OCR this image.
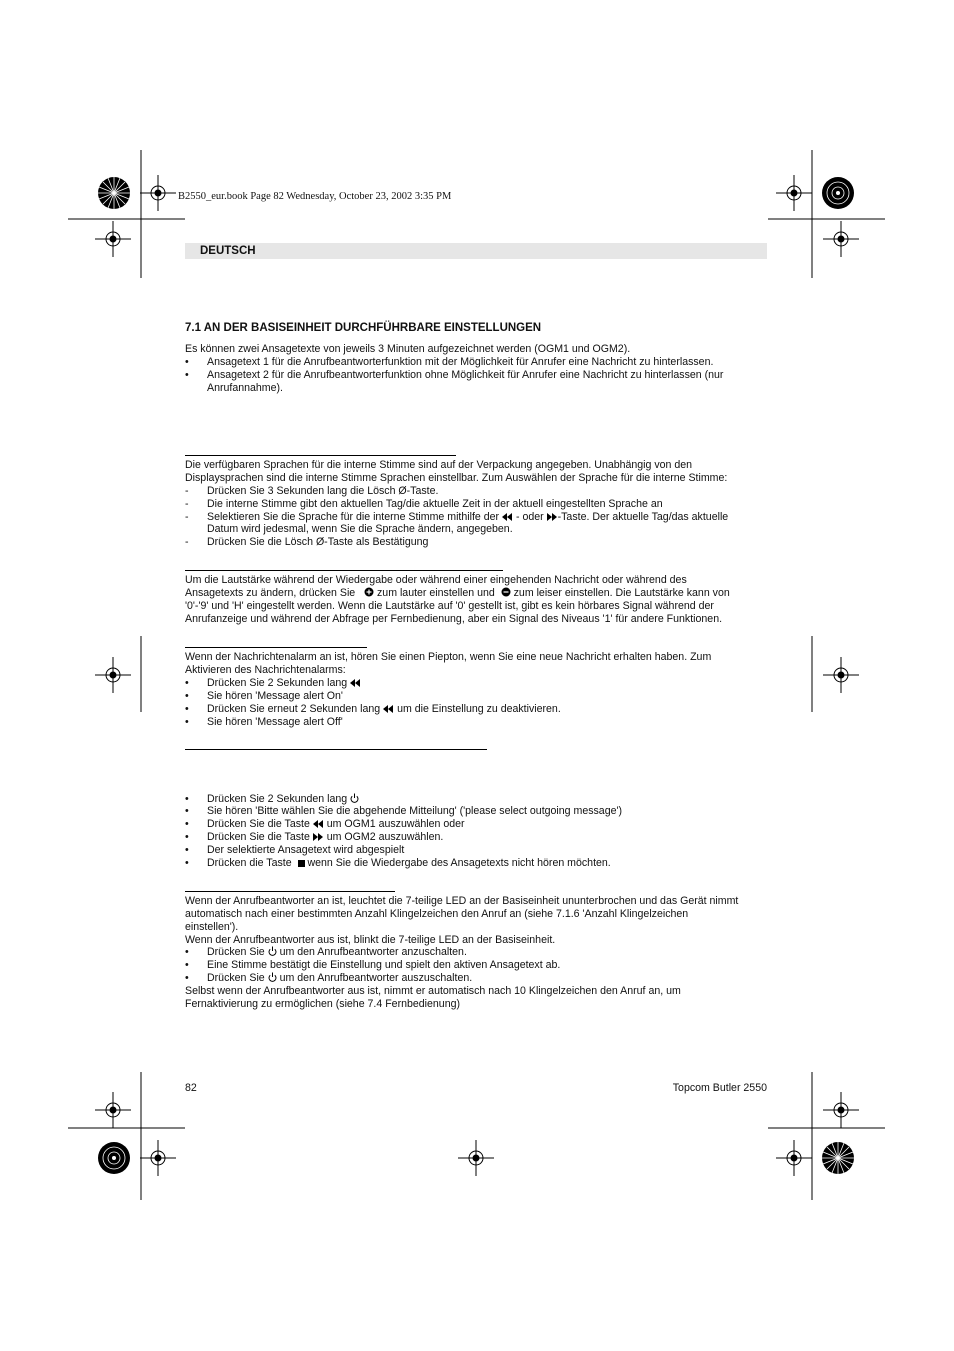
B2550_eur.book Page 82 Wednesday, October 23, 2002 3:35 PM
DEUTSCH
7.1 AN DER BASISEINHEIT DURCHFÜHRBARE EINSTELLUNGEN
Es können zwei Ansagetexte von jeweils 3 Minuten aufgezeichnet werden (OGM1 und OGM2).
• Ansagetext 1 für die Anrufbeantworterfunktion mit der Möglichkeit für Anrufer eine Nachricht zu hinterlassen.
• Ansagetext 2 für die Anrufbeantworterfunktion ohne Möglichkeit für Anrufer eine Nachricht zu hinterlassen (nur
Anrufannahme).
Die verfügbaren Sprachen für die interne Stimme sind auf der Verpackung angegeben. Unabhängig von den
Displaysprachen sind die interne Stimme Sprachen einstellbar. Zum Auswählen der Sprache für die interne Stimme:
- Drücken Sie 3 Sekunden lang die Lösch Ø-Taste.
- Die interne Stimme gibt den aktuellen Tag/die aktuelle Zeit in der aktuell eingestellten Sprache an
- Selektieren Sie die Sprache für die interne Stimme mithilfe der - oder -Taste. Der aktuelle Tag/das aktuelle
Datum wird jedesmal, wenn Sie die Sprache ändern, angegeben.
- Drücken Sie die Lösch Ø-Taste als Bestätigung
Um die Lautstärke während der Wiedergabe oder während einer eingehenden Nachricht oder während des
Ansagetexts zu ändern, drücken Sie zum lauter einstellen und zum leiser einstellen. Die Lautstärke kann von
'0'-'9' und 'H' eingestellt werden. Wenn die Lautstärke auf '0' gestellt ist, gibt es kein hörbares Signal während der
Anrufanzeige und während der Abfrage per Fernbedienung, aber ein Signal des Niveaus '1' für andere Funktionen.
Wenn der Nachrichtenalarm an ist, hören Sie einen Piepton, wenn Sie eine neue Nachricht erhalten haben. Zum
Aktivieren des Nachrichtenalarms:
• Drücken Sie 2 Sekunden lang
• Sie hören 'Message alert On'
• Drücken Sie erneut 2 Sekunden lang um die Einstellung zu deaktivieren.
• Sie hören 'Message alert Off'
• Drücken Sie 2 Sekunden lang
• Sie hören 'Bitte wählen Sie die abgehende Mitteilung' ('please select outgoing message')
• Drücken Sie die Taste um OGM1 auszuwählen oder
• Drücken Sie die Taste um OGM2 auszuwählen.
• Der selektierte Ansagetext wird abgespielt
• Drücken die Taste wenn Sie die Wiedergabe des Ansagetexts nicht hören möchten.
Wenn der Anrufbeantworter an ist, leuchtet die 7-teilige LED an der Basiseinheit ununterbrochen und das Gerät nimmt
automatisch nach einer bestimmten Anzahl Klingelzeichen den Anruf an (siehe 7.1.6 'Anzahl Klingelzeichen
einstellen').
Wenn der Anrufbeantworter aus ist, blinkt die 7-teilige LED an der Basiseinheit.
• Drücken Sie um den Anrufbeantworter anzuschalten.
• Eine Stimme bestätigt die Einstellung und spielt den aktiven Ansagetext ab.
• Drücken Sie um den Anrufbeantworter auszuschalten.
Selbst wenn der Anrufbeantworter aus ist, nimmt er automatisch nach 10 Klingelzeichen den Anruf an, um
Fernaktivierung zu ermöglichen (siehe 7.4 Fernbedienung)
82	Topcom Butler 2550
